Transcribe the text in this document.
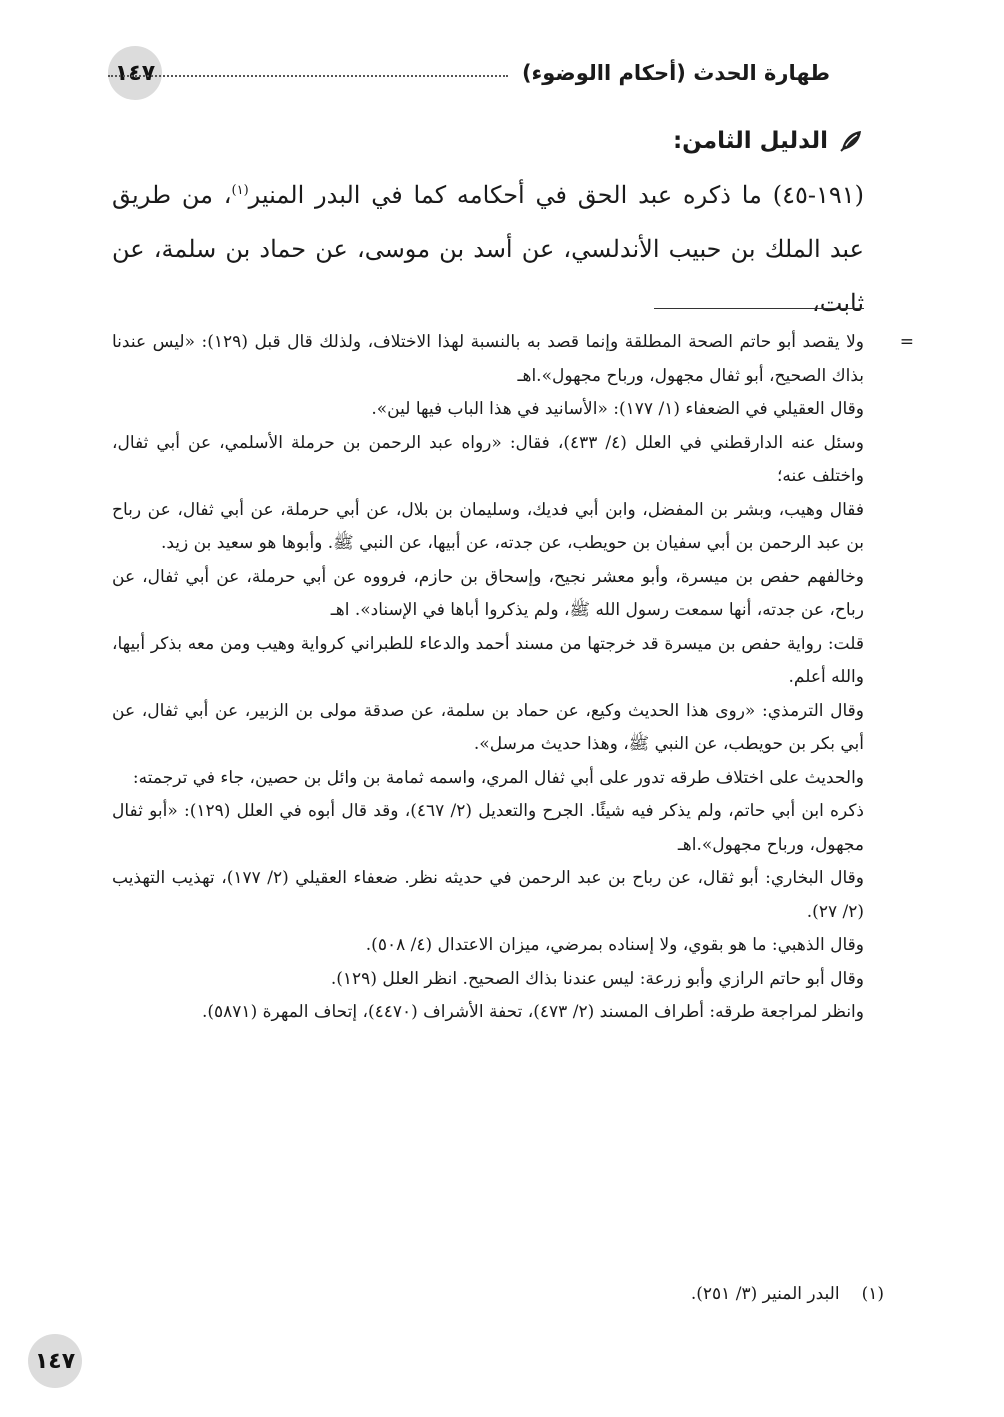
١٤٧	طهارة الحدث (أحكام االوضوء)
الدليل الثامن:

(١٩١-٤٥) ما ذكره عبد الحق في أحكامه كما في البدر المنير$^{(١)}$، من طريق عبد الملك بن حبيب الأندلسي، عن أسد بن موسى، عن حماد بن سلمة، عن ثابت،

=

ولا يقصد أبو حاتم الصحة المطلقة وإنما قصد به بالنسبة لهذا الاختلاف، ولذلك قال قبل (١٢٩): «ليس عندنا بذاك الصحيح، أبو ثفال مجهول، ورباح مجهول».اهـ

وقال العقيلي في الضعفاء (١/ ١٧٧): «الأسانيد في هذا الباب فيها لين».

وسئل عنه الدارقطني في العلل (٤/ ٤٣٣)، فقال: «رواه عبد الرحمن بن حرملة الأسلمي، عن أبي ثفال، واختلف عنه؛

فقال وهيب، وبشر بن المفضل، وابن أبي فديك، وسليمان بن بلال، عن أبي حرملة، عن أبي ثفال، عن رباح بن عبد الرحمن بن أبي سفيان بن حويطب، عن جدته، عن أبيها، عن النبي ﷺ. وأبوها هو سعيد بن زيد.

وخالفهم حفص بن ميسرة، وأبو معشر نجيح، وإسحاق بن حازم، فرووه عن أبي حرملة، عن أبي ثفال، عن رباح، عن جدته، أنها سمعت رسول الله ﷺ، ولم يذكروا أباها في الإسناد». اهـ

قلت: رواية حفص بن ميسرة قد خرجتها من مسند أحمد والدعاء للطبراني كرواية وهيب ومن معه بذكر أبيها، والله أعلم.

وقال الترمذي: «روى هذا الحديث وكيع، عن حماد بن سلمة، عن صدقة مولى بن الزبير، عن أبي ثفال، عن أبي بكر بن حويطب، عن النبي ﷺ، وهذا حديث مرسل».

والحديث على اختلاف طرقه تدور على أبي ثفال المري، واسمه ثمامة بن وائل بن حصين، جاء في ترجمته:

ذكره ابن أبي حاتم، ولم يذكر فيه شيئًا. الجرح والتعديل (٢/ ٤٦٧)، وقد قال أبوه في العلل (١٢٩): «أبو ثفال مجهول، ورباح مجهول».اهـ

وقال البخاري: أبو ثقال، عن رباح بن عبد الرحمن في حديثه نظر. ضعفاء العقيلي (٢/ ١٧٧)، تهذيب التهذيب (٢/ ٢٧).

وقال الذهبي: ما هو بقوي، ولا إسناده بمرضي، ميزان الاعتدال (٤/ ٥٠٨).

وقال أبو حاتم الرازي وأبو زرعة: ليس عندنا بذاك الصحيح. انظر العلل (١٢٩).

وانظر لمراجعة طرقه: أطراف المسند (٢/ ٤٧٣)، تحفة الأشراف (٤٤٧٠)، إتحاف المهرة (٥٨٧١).

(١)
البدر المنير (٣/ ٢٥١).
١٤٧
